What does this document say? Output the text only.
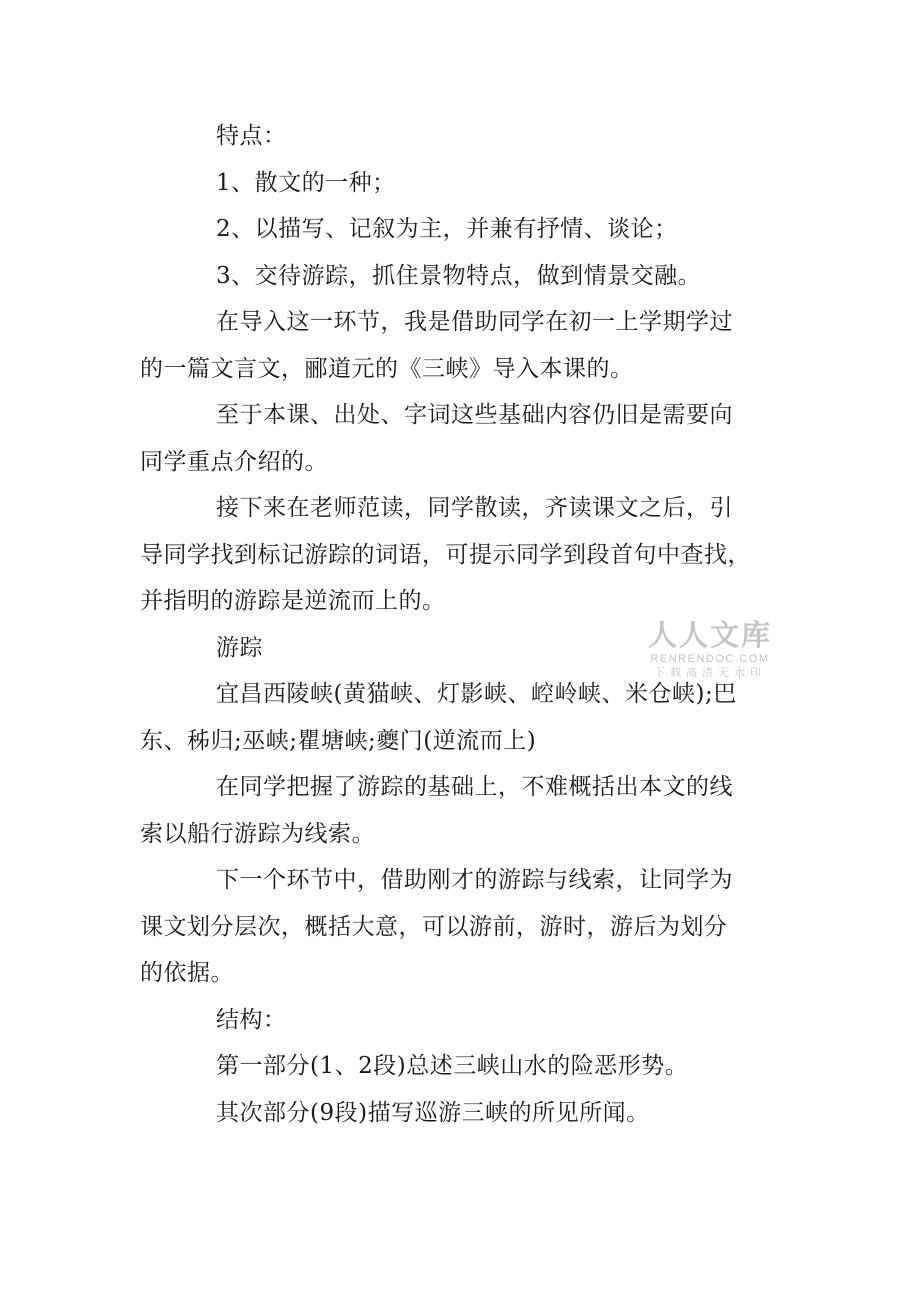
特点：
1、散文的一种；
2、以描写、记叙为主，并兼有抒情、谈论；
3、交待游踪，抓住景物特点，做到情景交融。
在导入这一环节，我是借助同学在初一上学期学过
的一篇文言文，郦道元的《三峡》导入本课的。
至于本课、出处、字词这些基础内容仍旧是需要向
同学重点介绍的。
接下来在老师范读，同学散读，齐读课文之后，引
导同学找到标记游踪的词语，可提示同学到段首句中查找，
并指明的游踪是逆流而上的。
游踪
宜昌西陵峡(黄猫峡、灯影峡、崆岭峡、米仓峡);巴
东、秭归;巫峡;瞿塘峡;夔门(逆流而上)
在同学把握了游踪的基础上，不难概括出本文的线
索以船行游踪为线索。
下一个环节中，借助刚才的游踪与线索，让同学为
课文划分层次，概括大意，可以游前，游时，游后为划分
的依据。
结构：
第一部分(1、2段)总述三峡山水的险恶形势。
其次部分(9段)描写巡游三峡的所见所闻。
人人文库
RENRENDOC.COM
下载高清无水印
